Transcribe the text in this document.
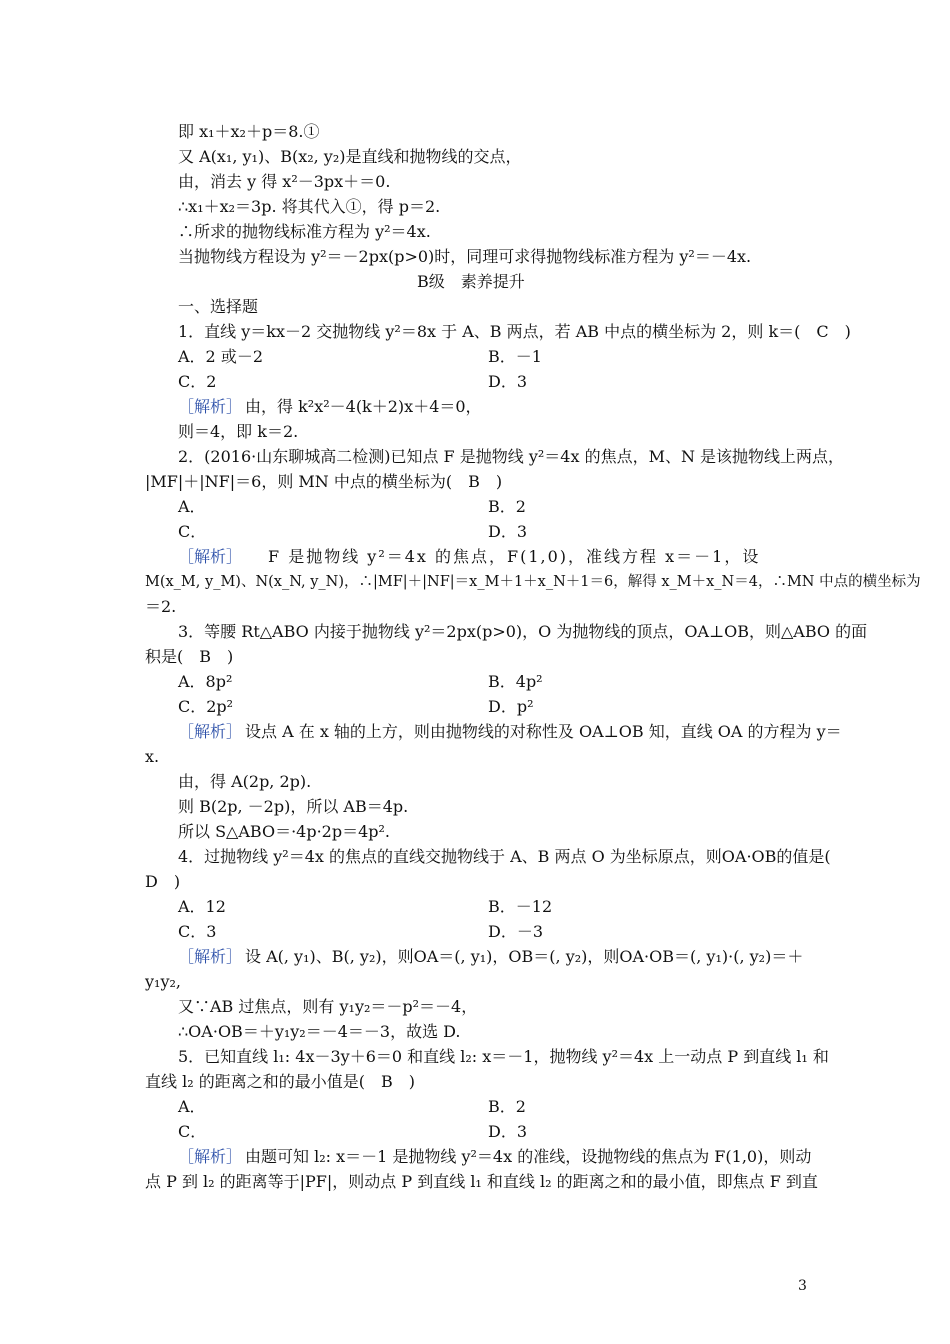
即 x₁＋x₂＋p＝8.①
又 A(x₁, y₁)、B(x₂, y₂)是直线和抛物线的交点，
由，消去 y 得 x²－3px＋＝0.
∴x₁＋x₂＝3p. 将其代入①，得 p＝2.
∴所求的抛物线标准方程为 y²＝4x.
当抛物线方程设为 y²＝－2px(p>0)时，同理可求得抛物线标准方程为 y²＝－4x.
B级　素养提升
一、选择题
1．直线 y＝kx－2 交抛物线 y²＝8x 于 A、B 两点，若 AB 中点的横坐标为 2，则 k＝(　C　)
A．2 或－2	B．－1
C．2	D．3
［解析］ 由，得 k²x²－4(k＋2)x＋4＝0，
则＝4，即 k＝2.
2．(2016·山东聊城高二检测)已知点 F 是抛物线 y²＝4x 的焦点，M、N 是该抛物线上两点，
|MF|＋|NF|＝6，则 MN 中点的横坐标为(　B　)
A．	B．2
C．	D．3
［解析］ F 是抛物线 y²＝4x 的焦点，F(1,0)，准线方程 x＝－1，设
M(x_M, y_M)、N(x_N, y_N)，∴|MF|＋|NF|＝x_M＋1＋x_N＋1＝6，解得 x_M＋x_N＝4，∴MN 中点的横坐标为
＝2.
3．等腰 Rt△ABO 内接于抛物线 y²＝2px(p>0)，O 为抛物线的顶点，OA⊥OB，则△ABO 的面
积是(　B　)
A．8p²	B．4p²
C．2p²	D．p²
［解析］ 设点 A 在 x 轴的上方，则由抛物线的对称性及 OA⊥OB 知，直线 OA 的方程为 y＝
x.
由，得 A(2p, 2p).
则 B(2p, －2p)，所以 AB＝4p.
所以 S△ABO＝·4p·2p＝4p².
4．过抛物线 y²＝4x 的焦点的直线交抛物线于 A、B 两点 O 为坐标原点，则OA·OB的值是(
D　)
A．12	B．－12
C．3	D．－3
［解析］ 设 A(, y₁)、B(, y₂)，则OA＝(, y₁)，OB＝(, y₂)，则OA·OB＝(, y₁)·(, y₂)＝＋
y₁y₂,
又∵AB 过焦点，则有 y₁y₂＝－p²＝－4，
∴OA·OB＝＋y₁y₂＝－4＝－3，故选 D.
5．已知直线 l₁: 4x－3y＋6＝0 和直线 l₂: x＝－1，抛物线 y²＝4x 上一动点 P 到直线 l₁ 和
直线 l₂ 的距离之和的最小值是(　B　)
A．	B．2
C．	D．3
［解析］ 由题可知 l₂: x＝－1 是抛物线 y²＝4x 的准线，设抛物线的焦点为 F(1,0)，则动
点 P 到 l₂ 的距离等于|PF|，则动点 P 到直线 l₁ 和直线 l₂ 的距离之和的最小值，即焦点 F 到直
3
